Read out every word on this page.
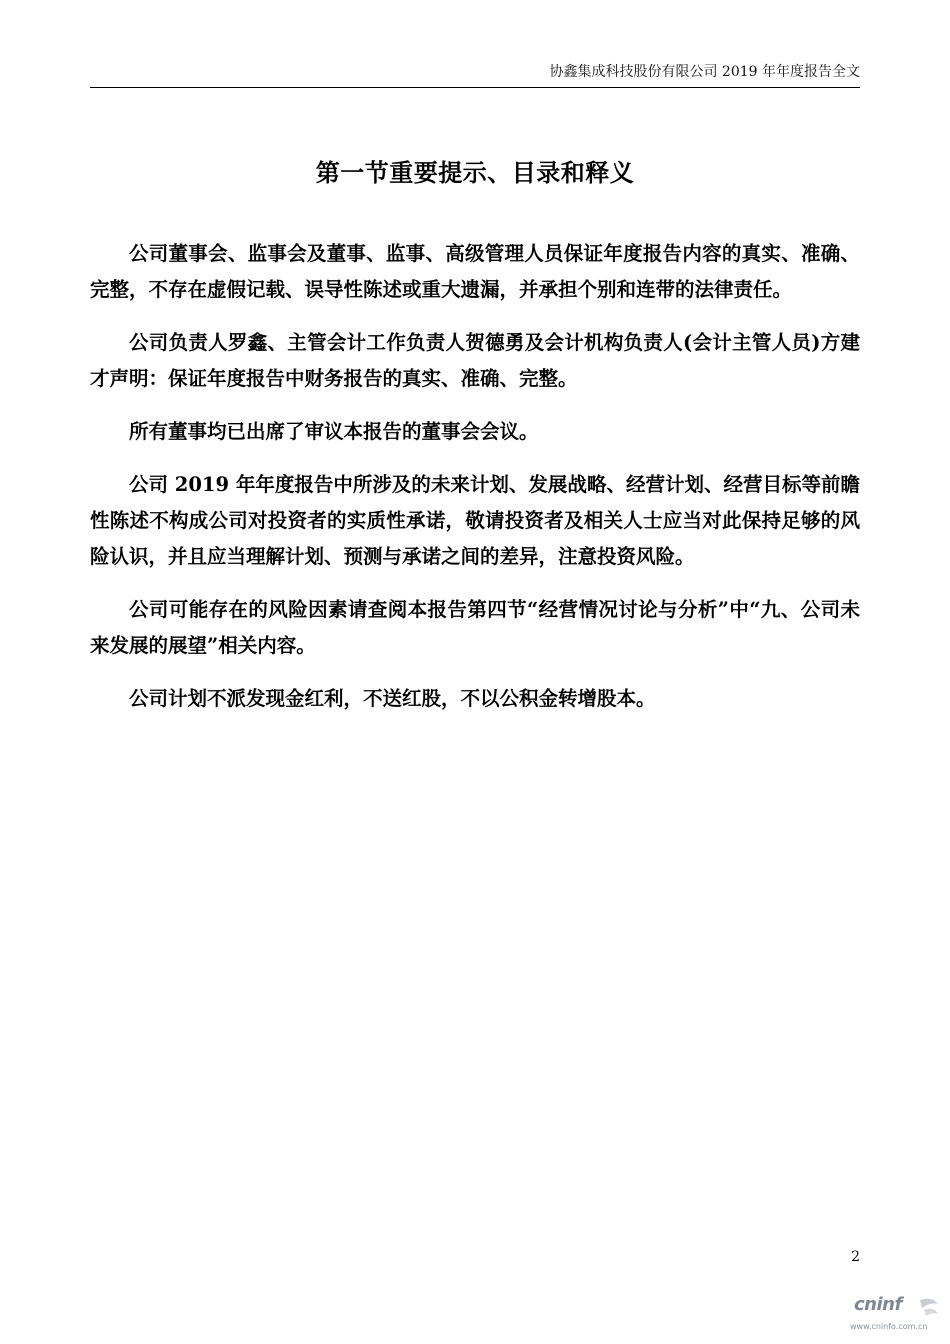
协鑫集成科技股份有限公司 2019 年年度报告全文
第一节重要提示、目录和释义

公司董事会、监事会及董事、监事、高级管理人员保证年度报告内容的真实、准确、完整，不存在虚假记载、误导性陈述或重大遗漏，并承担个别和连带的法律责任。

公司负责人罗鑫、主管会计工作负责人贺德勇及会计机构负责人(会计主管人员)方建才声明：保证年度报告中财务报告的真实、准确、完整。

所有董事均已出席了审议本报告的董事会会议。

公司 2019 年年度报告中所涉及的未来计划、发展战略、经营计划、经营目标等前瞻性陈述不构成公司对投资者的实质性承诺，敬请投资者及相关人士应当对此保持足够的风险认识，并且应当理解计划、预测与承诺之间的差异，注意投资风险。

公司可能存在的风险因素请查阅本报告第四节“经营情况讨论与分析”中“九、公司未来发展的展望”相关内容。

公司计划不派发现金红利，不送红股，不以公积金转增股本。

2
cninf
www.cninfo.com.cn
